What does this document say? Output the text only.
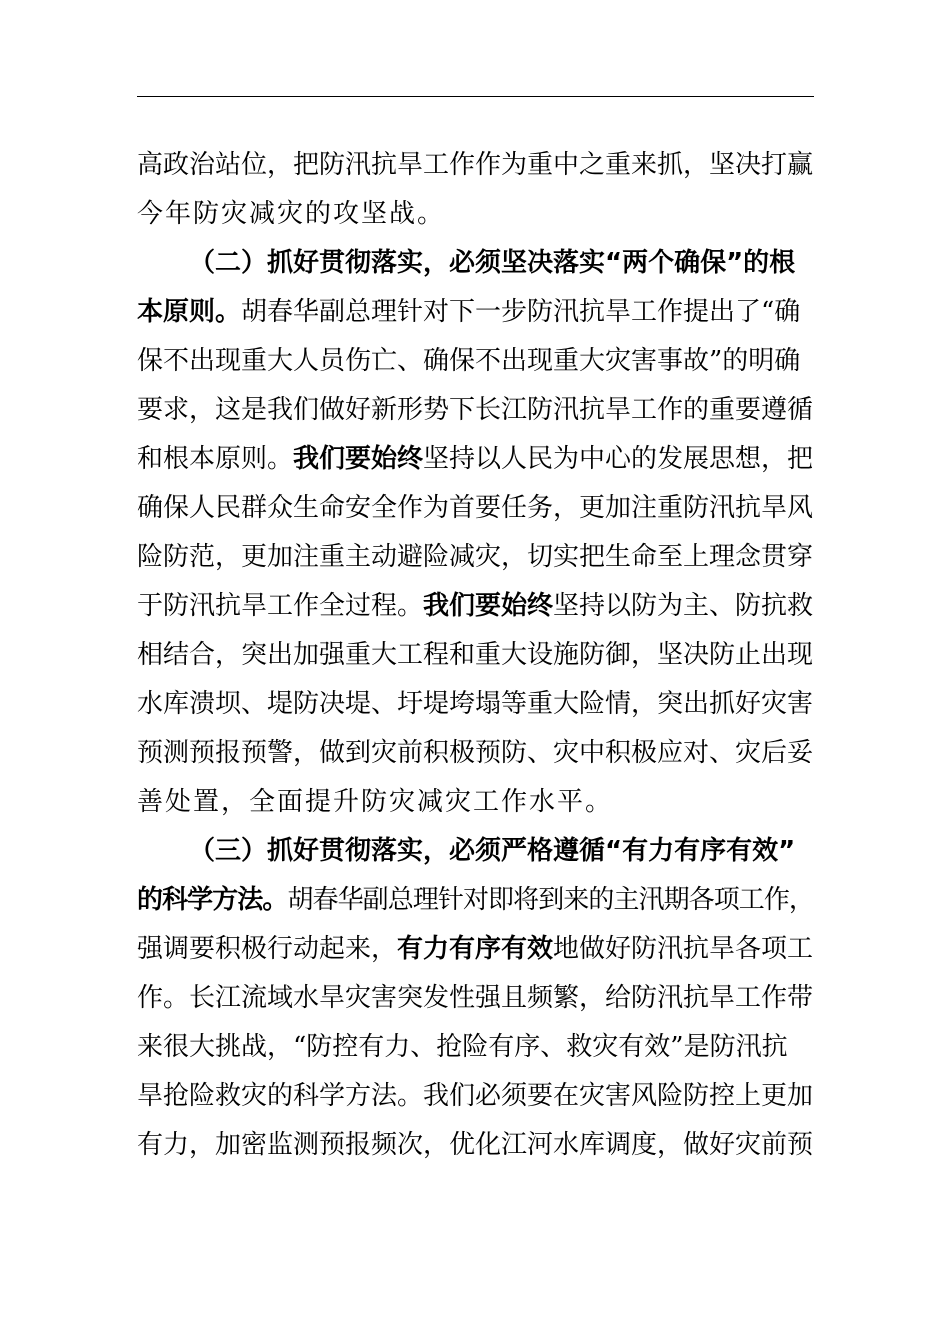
高政治站位，把防汛抗旱工作作为重中之重来抓，坚决打赢
今年防灾减灾的攻坚战。
（二）抓好贯彻落实，必须坚决落实“两个确保”的根
本原则。胡春华副总理针对下一步防汛抗旱工作提出了“确
保不出现重大人员伤亡、确保不出现重大灾害事故”的明确
要求，这是我们做好新形势下长江防汛抗旱工作的重要遵循
和根本原则。我们要始终坚持以人民为中心的发展思想，把
确保人民群众生命安全作为首要任务，更加注重防汛抗旱风
险防范，更加注重主动避险减灾，切实把生命至上理念贯穿
于防汛抗旱工作全过程。我们要始终坚持以防为主、防抗救
相结合，突出加强重大工程和重大设施防御，坚决防止出现
水库溃坝、堤防决堤、圩堤垮塌等重大险情，突出抓好灾害
预测预报预警，做到灾前积极预防、灾中积极应对、灾后妥
善处置，全面提升防灾减灾工作水平。
（三）抓好贯彻落实，必须严格遵循“有力有序有效”
的科学方法。胡春华副总理针对即将到来的主汛期各项工作，
强调要积极行动起来，有力有序有效地做好防汛抗旱各项工
作。长江流域水旱灾害突发性强且频繁，给防汛抗旱工作带
来很大挑战，“防控有力、抢险有序、救灾有效”是防汛抗
旱抢险救灾的科学方法。我们必须要在灾害风险防控上更加
有力，加密监测预报频次，优化江河水库调度，做好灾前预
